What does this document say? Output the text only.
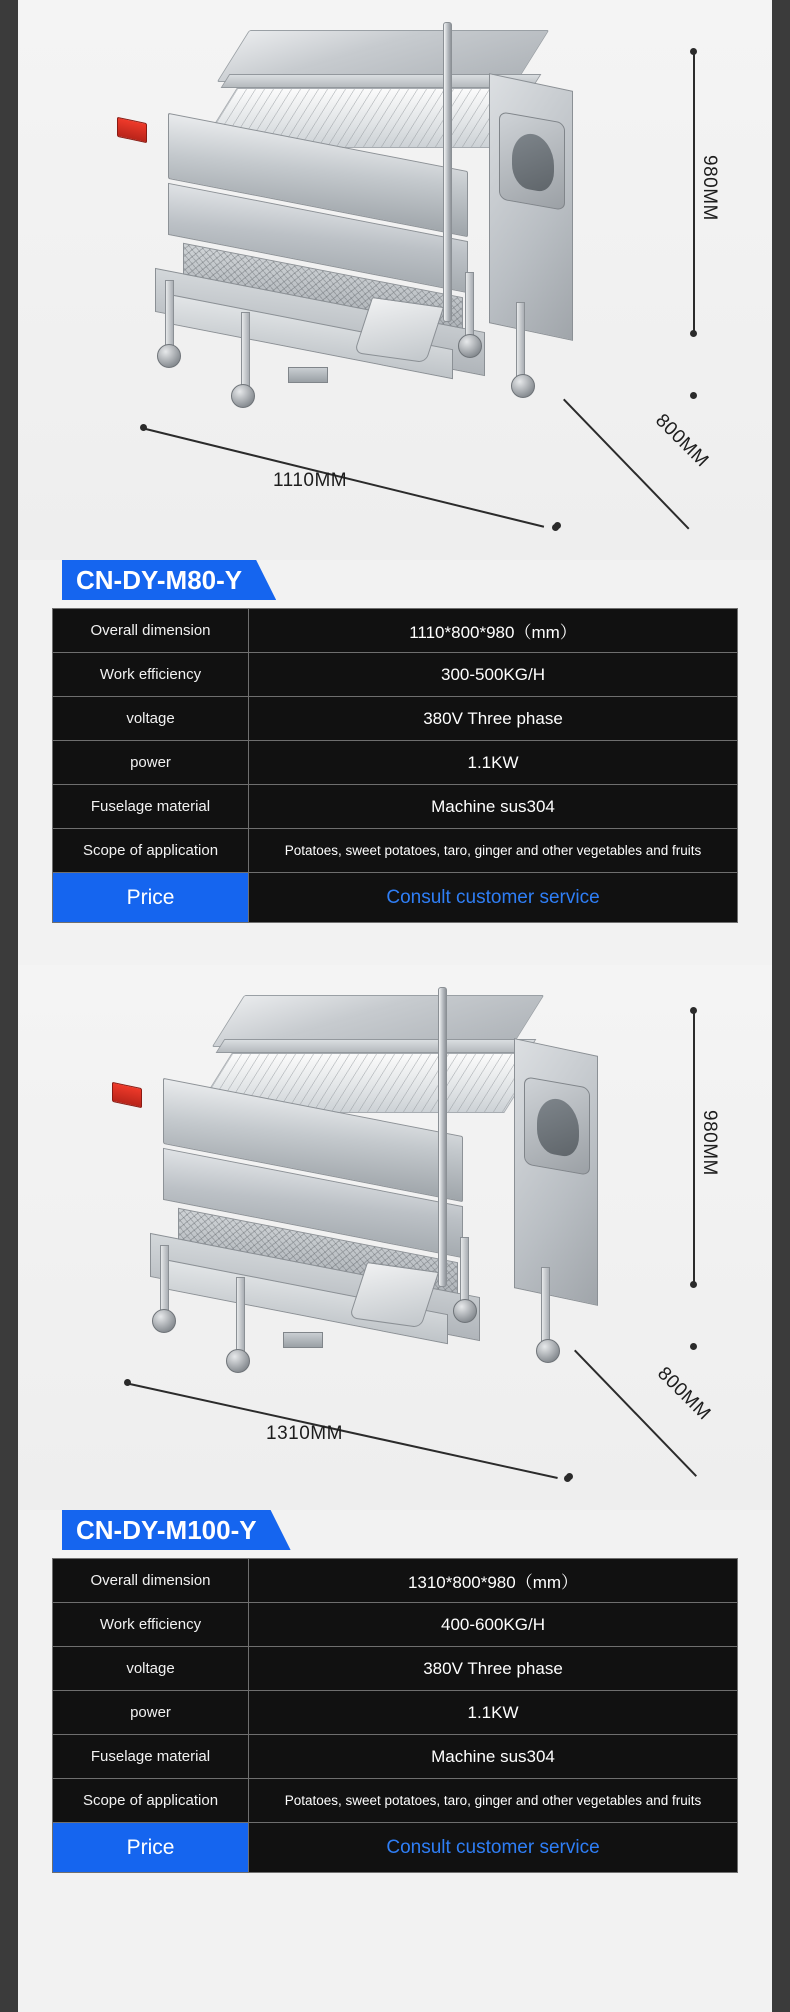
980MM
800MM
1110MM
CN-DY-M80-Y
Overall dimension	1110*800*980（mm）
Work efficiency	300-500KG/H
voltage	380V Three phase
power	1.1KW
Fuselage material	Machine sus304
Scope of application	Potatoes, sweet potatoes, taro, ginger and other vegetables and fruits
Price	Consult customer service
980MM
800MM
1310MM
CN-DY-M100-Y
Overall dimension	1310*800*980（mm）
Work efficiency	400-600KG/H
voltage	380V Three phase
power	1.1KW
Fuselage material	Machine sus304
Scope of application	Potatoes, sweet potatoes, taro, ginger and other vegetables and fruits
Price	Consult customer service
